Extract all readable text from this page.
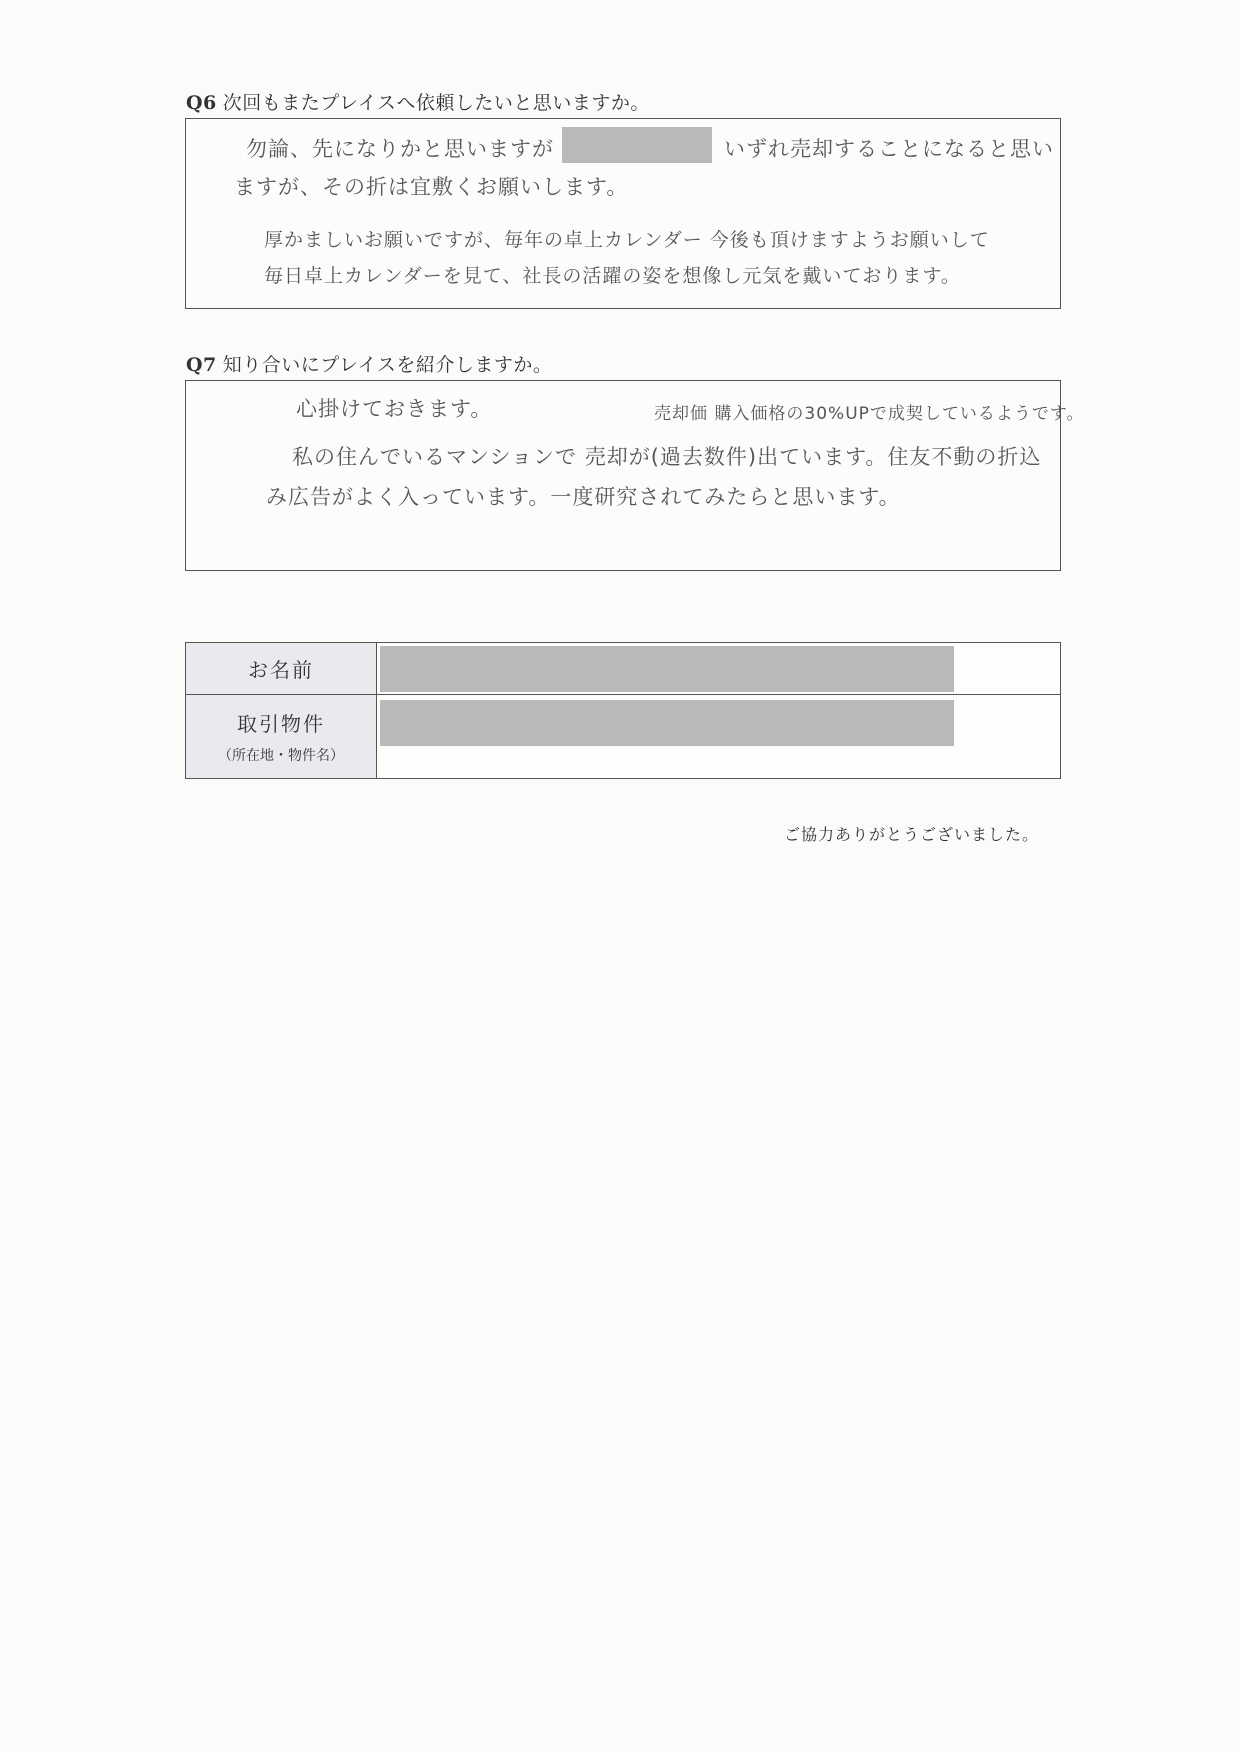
Q6 次回もまたプレイスへ依頼したいと思いますか。
勿論、先になりかと思いますが	いずれ売却することになると思い
ますが、その折は宜敷くお願いします。
厚かましいお願いですが、毎年の卓上カレンダー 今後も頂けますようお願いして
毎日卓上カレンダーを見て、社長の活躍の姿を想像し元気を戴いております。
Q7 知り合いにプレイスを紹介しますか。
心掛けておきます。	売却価 購入価格の30%UPで成契しているようです。
私の住んでいるマンションで 売却が(過去数件)出ています。住友不動の折込
み広告がよく入っています。一度研究されてみたらと思います。
お名前	

取引物件
（所在地・物件名）	

ご協力ありがとうございました。
